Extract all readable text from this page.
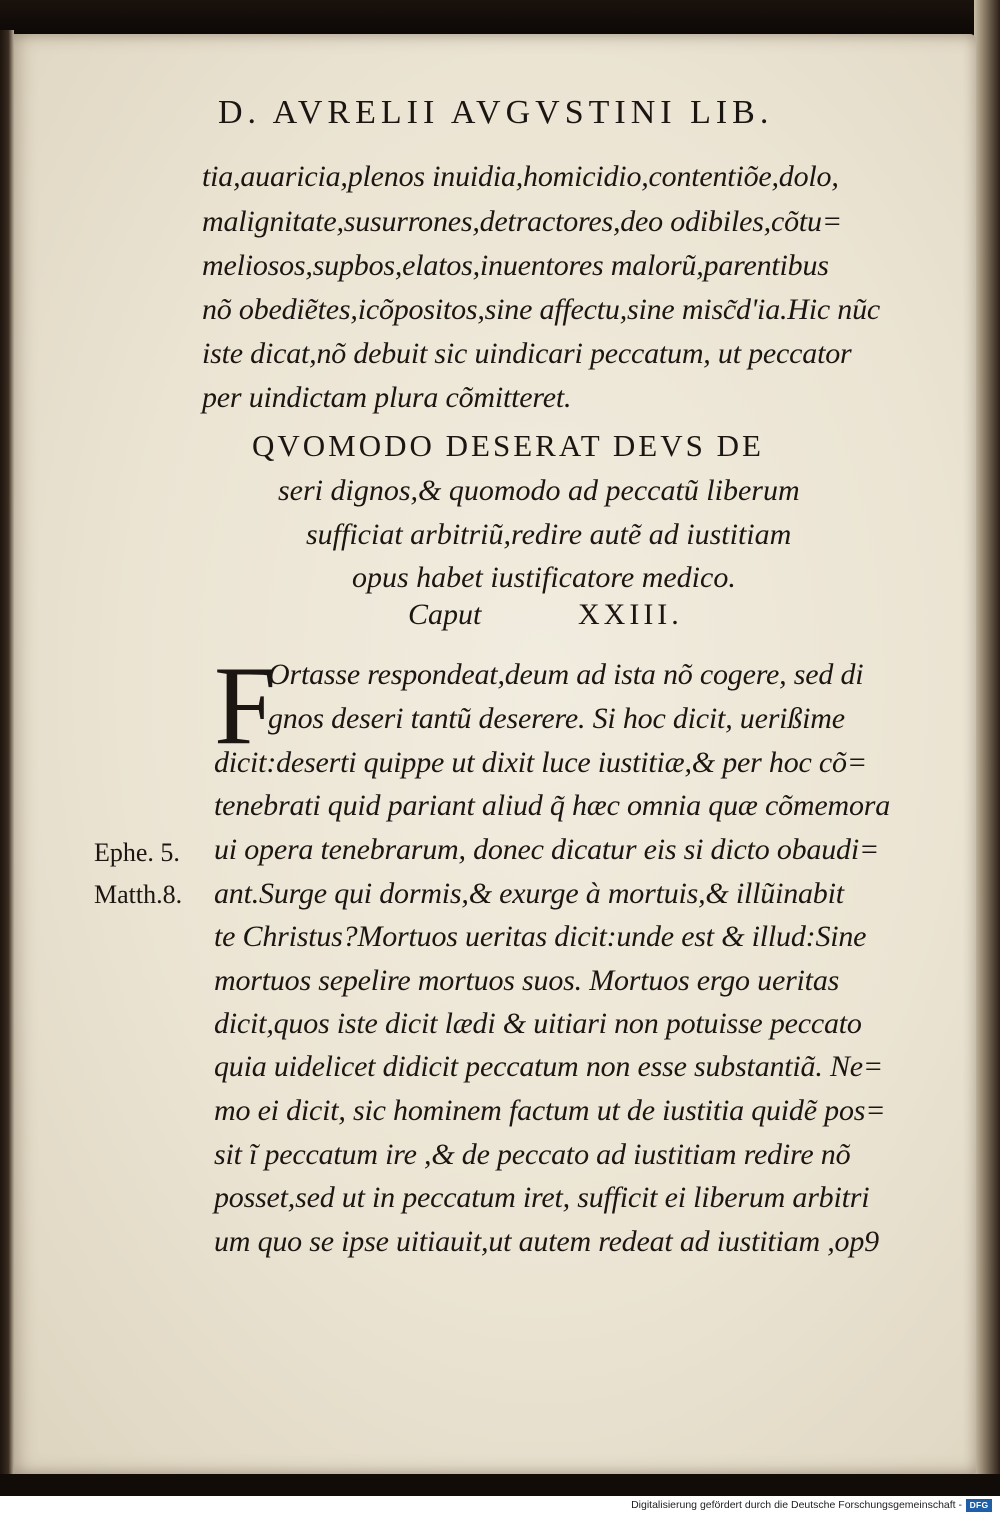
D. AVRELII AVGVSTINI LIB.
tia,auaricia,plenos inuidia,homicidio,contentiõe,dolo,
malignitate,susurrones,detractores,deo odibiles,cõtu=
meliosos,supbos,elatos,inuentores malorũ,parentibus
nõ obediẽtes,icõpositos,sine affectu,sine misc̃d'ia.Hic nũc
iste dicat,nõ debuit sic uindicari peccatum, ut peccator
per uindictam plura cõmitteret.
QVOMODO DESERAT DEVS DE
seri dignos,& quomodo ad peccatũ liberum
sufficiat arbitriũ,redire autẽ ad iustitiam
opus habet iustificatore medico.
Caput	XXIII.
F
Ortasse respondeat,deum ad ista nõ cogere, sed di
gnos deseri tantũ deserere. Si hoc dicit, uerißime
dicit:deserti quippe ut dixit luce iustitiæ,& per hoc cõ=
tenebrati quid pariant aliud q̃ hæc omnia quæ cõmemora
ui opera tenebrarum, donec dicatur eis si dicto obaudi=
ant.Surge qui dormis,& exurge à mortuis,& illũinabit
te Christus?Mortuos ueritas dicit:unde est & illud:Sine
mortuos sepelire mortuos suos. Mortuos ergo ueritas
dicit,quos iste dicit lædi & uitiari non potuisse peccato
quia uidelicet didicit peccatum non esse substantiã. Ne=
mo ei dicit, sic hominem factum ut de iustitia quidẽ pos=
sit ĩ peccatum ire ,& de peccato ad iustitiam redire nõ
posset,sed ut in peccatum iret, sufficit ei liberum arbitri
um quo se ipse uitiauit,ut autem redeat ad iustitiam ,op9
Ephe. 5.
Matth.8.
Digitalisierung gefördert durch die Deutsche Forschungsgemeinschaft - DFG
